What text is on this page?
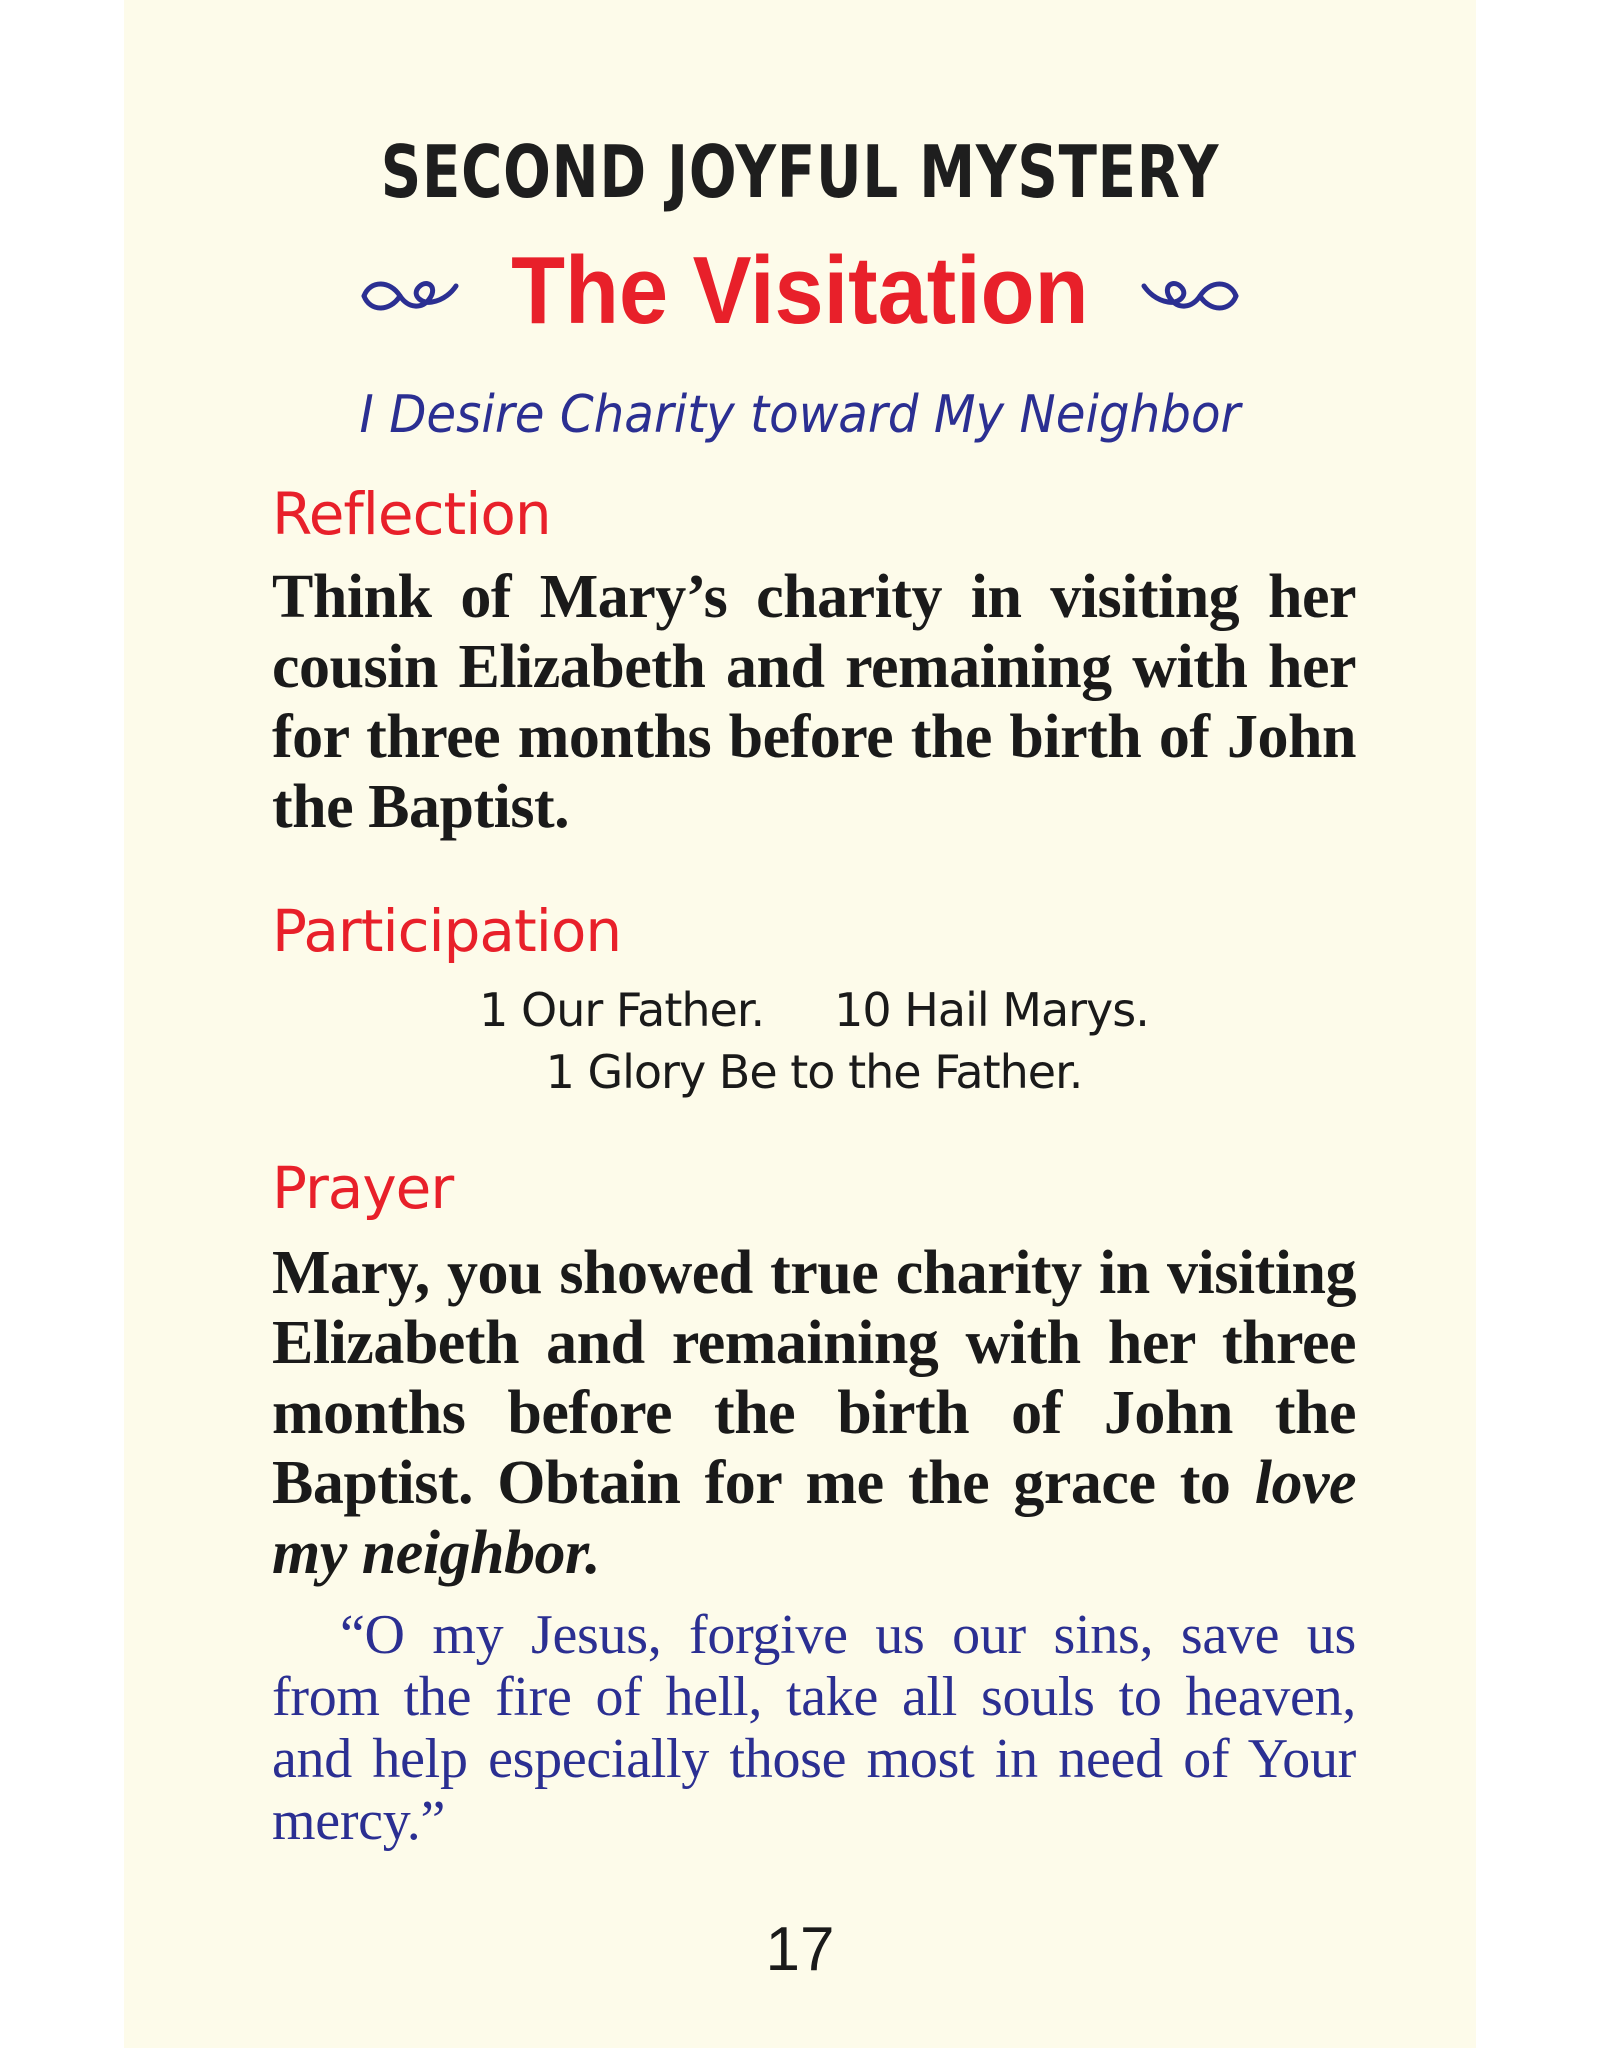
SECOND JOYFUL MYSTERY
The Visitation
I Desire Charity toward My Neighbor
Reflection
Think of Mary’s charity in visiting her cousin Elizabeth and remaining with her for three months before the birth of John the Baptist.
Participation
1 Our Father. 10 Hail Marys.
1 Glory Be to the Father.
Prayer
Mary, you showed true charity in visiting Elizabeth and remaining with her three months before the birth of John the Baptist. Obtain for me the grace to love my neighbor.
“O my Jesus, forgive us our sins, save us from the fire of hell, take all souls to heaven, and help especially those most in need of Your mercy.”
17
